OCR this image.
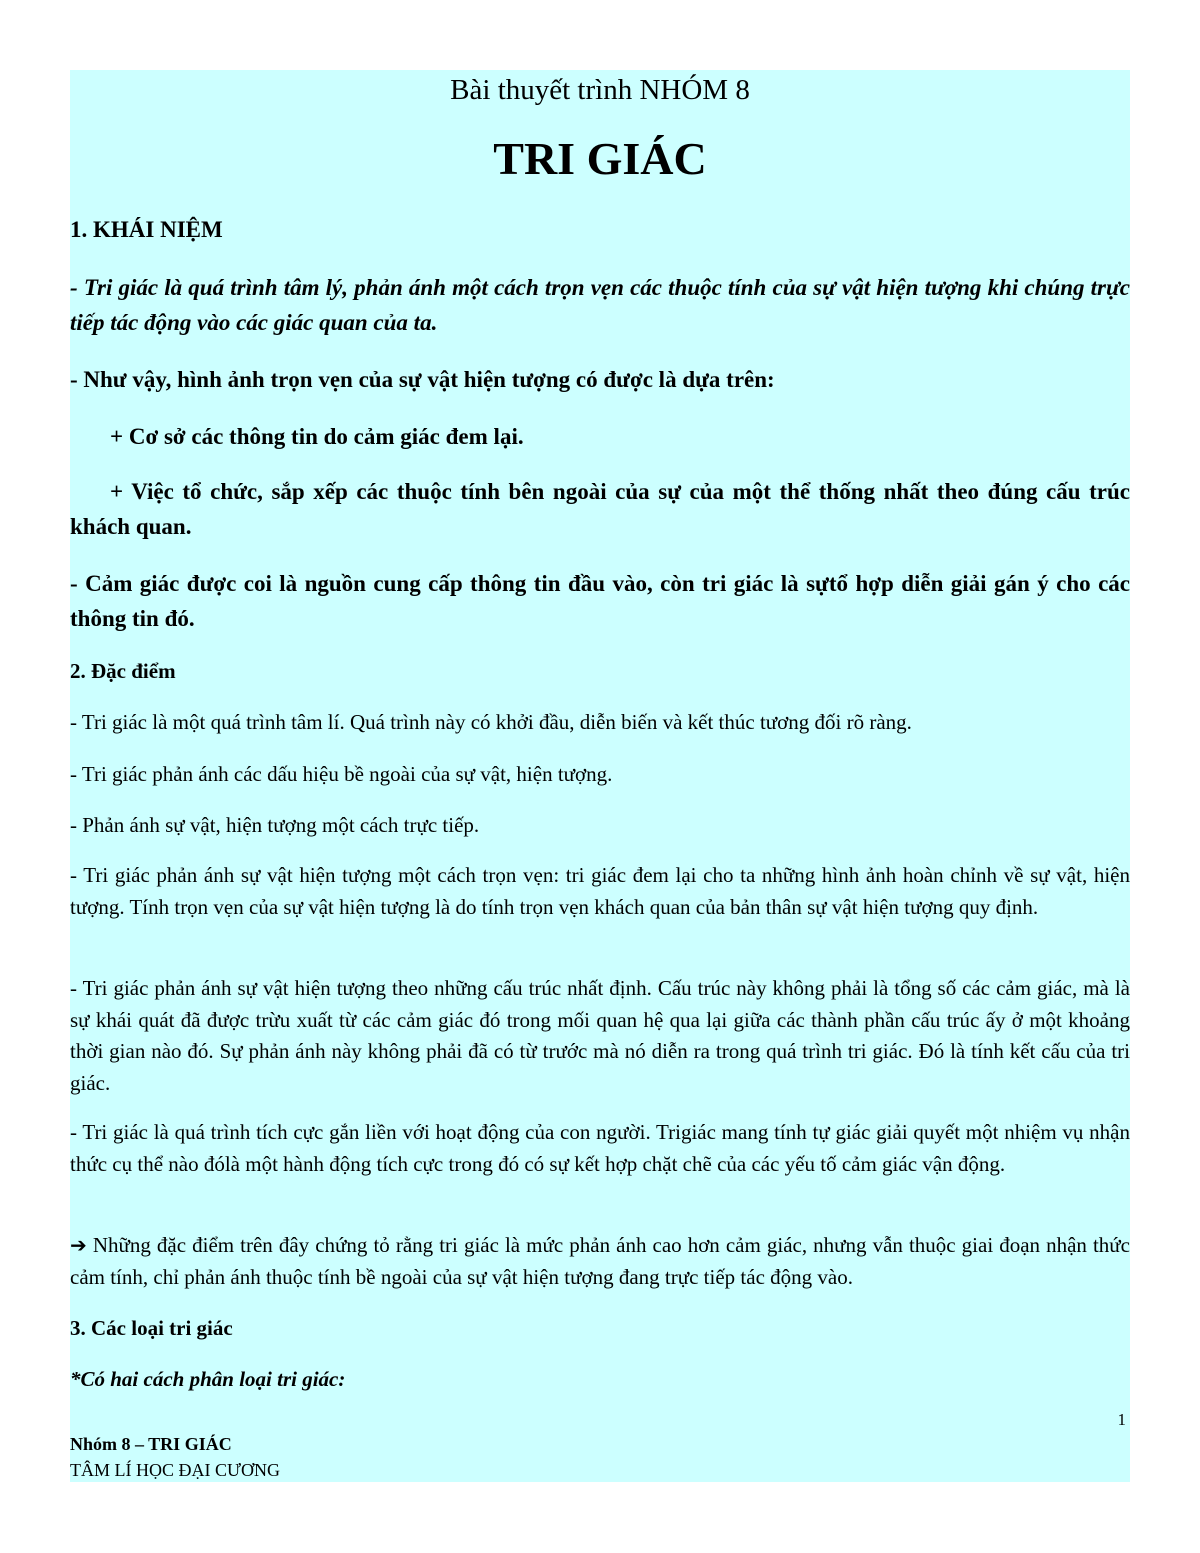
Bài thuyết trình NHÓM 8
TRI GIÁC

1. KHÁI NIỆM

- Tri giác là quá trình tâm lý, phản ánh một cách trọn vẹn các thuộc tính của sự vật hiện tượng khi chúng trực tiếp tác động vào các giác quan của ta.

- Như vậy, hình ảnh trọn vẹn của sự vật hiện tượng có được là dựa trên:

+ Cơ sở các thông tin do cảm giác đem lại.

+ Việc tổ chức, sắp xếp các thuộc tính bên ngoài của sự của một thể thống nhất theo đúng cấu trúc khách quan.

- Cảm giác được coi là nguồn cung cấp thông tin đầu vào, còn tri giác là sựtổ hợp diễn giải gán ý cho các thông tin đó.

2. Đặc điểm

- Tri giác là một quá trình tâm lí. Quá trình này có khởi đầu, diễn biến và kết thúc tương đối rõ ràng.

- Tri giác phản ánh các dấu hiệu bề ngoài của sự vật, hiện tượng.

- Phản ánh sự vật, hiện tượng một cách trực tiếp.

- Tri giác phản ánh sự vật hiện tượng một cách trọn vẹn: tri giác đem lại cho ta những hình ảnh hoàn chỉnh về sự vật, hiện tượng. Tính trọn vẹn của sự vật hiện tượng là do tính trọn vẹn khách quan của bản thân sự vật hiện tượng quy định.

- Tri giác phản ánh sự vật hiện tượng theo những cấu trúc nhất định. Cấu trúc này không phải là tổng số các cảm giác, mà là sự khái quát đã được trừu xuất từ các cảm giác đó trong mối quan hệ qua lại giữa các thành phần cấu trúc ấy ở một khoảng thời gian nào đó. Sự phản ánh này không phải đã có từ trước mà nó diễn ra trong quá trình tri giác. Đó là tính kết cấu của tri giác.

- Tri giác là quá trình tích cực gắn liền với hoạt động của con người. Trigiác mang tính tự giác giải quyết một nhiệm vụ nhận thức cụ thể nào đólà một hành động tích cực trong đó có sự kết hợp chặt chẽ của các yếu tố cảm giác vận động.

➔ Những đặc điểm trên đây chứng tỏ rằng tri giác là mức phản ánh cao hơn cảm giác, nhưng vẫn thuộc giai đoạn nhận thức cảm tính, chỉ phản ánh thuộc tính bề ngoài của sự vật hiện tượng đang trực tiếp tác động vào.

3. Các loại tri giác

*Có hai cách phân loại tri giác:

1
Nhóm 8 – TRI GIÁC
TÂM LÍ HỌC ĐẠI CƯƠNG
